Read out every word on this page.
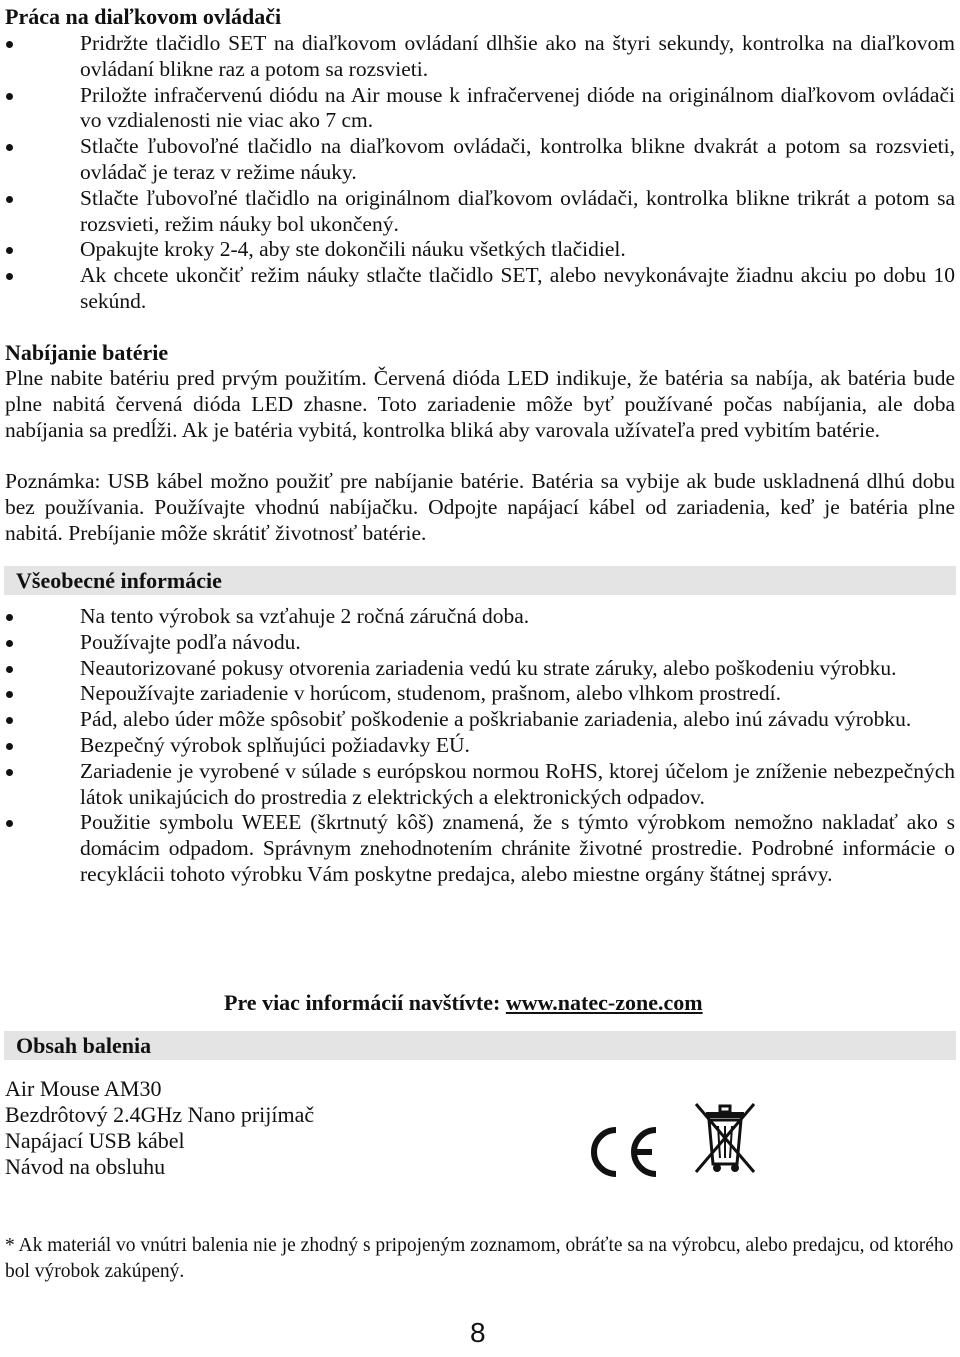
Práca na diaľkovom ovládači
Pridržte tlačidlo SET na diaľkovom ovládaní dlhšie ako na štyri sekundy, kontrolka na diaľkovom ovládaní blikne raz a potom sa rozsvieti.
Priložte infračervenú diódu na Air mouse k infračervenej dióde na originálnom diaľkovom ovládači vo vzdialenosti nie viac ako 7 cm.
Stlačte ľubovoľné tlačidlo na diaľkovom ovládači, kontrolka blikne dvakrát a potom sa rozsvieti, ovládač je teraz v režime náuky.
Stlačte ľubovoľné tlačidlo na originálnom diaľkovom ovládači, kontrolka blikne trikrát a potom sa rozsvieti, režim náuky bol ukončený.
Opakujte kroky 2-4, aby ste dokončili náuku všetkých tlačidiel.
Ak chcete ukončiť režim náuky stlačte tlačidlo SET, alebo nevykonávajte žiadnu akciu po dobu 10 sekúnd.
Nabíjanie batérie

Plne nabite batériu pred prvým použitím. Červená dióda LED indikuje, že batéria sa nabíja, ak batéria bude plne nabitá červená dióda LED zhasne. Toto zariadenie môže byť používané počas nabíjania, ale doba nabíjania sa predĺži. Ak je batéria vybitá, kontrolka bliká aby varovala užívateľa pred vybitím batérie.

Poznámka: USB kábel možno použiť pre nabíjanie batérie. Batéria sa vybije ak bude uskladnená dlhú dobu bez používania. Používajte vhodnú nabíjačku. Odpojte napájací kábel od zariadenia, keď je batéria plne nabitá. Prebíjanie môže skrátiť životnosť batérie.

Všeobecné informácie
Na tento výrobok sa vzťahuje 2 ročná záručná doba.
Používajte podľa návodu.
Neautorizované pokusy otvorenia zariadenia vedú ku strate záruky, alebo poškodeniu výrobku.
Nepoužívajte zariadenie v horúcom, studenom, prašnom, alebo vlhkom prostredí.
Pád, alebo úder môže spôsobiť poškodenie a poškriabanie zariadenia, alebo inú závadu výrobku.
Bezpečný výrobok splňujúci požiadavky EÚ.
Zariadenie je vyrobené v súlade s európskou normou RoHS, ktorej účelom je zníženie nebezpečných látok unikajúcich do prostredia z elektrických a elektronických odpadov.
Použitie symbolu WEEE (škrtnutý kôš) znamená, že s týmto výrobkom nemožno nakladať ako s domácim odpadom. Správnym znehodnotením chránite životné prostredie. Podrobné informácie o recyklácii tohoto výrobku Vám poskytne predajca, alebo miestne orgány štátnej správy.
Pre viac informácií navštívte: www.natec-zone.com
Obsah balenia
Air Mouse AM30
Bezdrôtový 2.4GHz Nano prijímač
Napájací USB kábel
Návod na obsluhu

* Ak materiál vo vnútri balenia nie je zhodný s pripojeným zoznamom, obráťte sa na výrobcu, alebo predajcu, od ktorého bol výrobok zakúpený.

8
